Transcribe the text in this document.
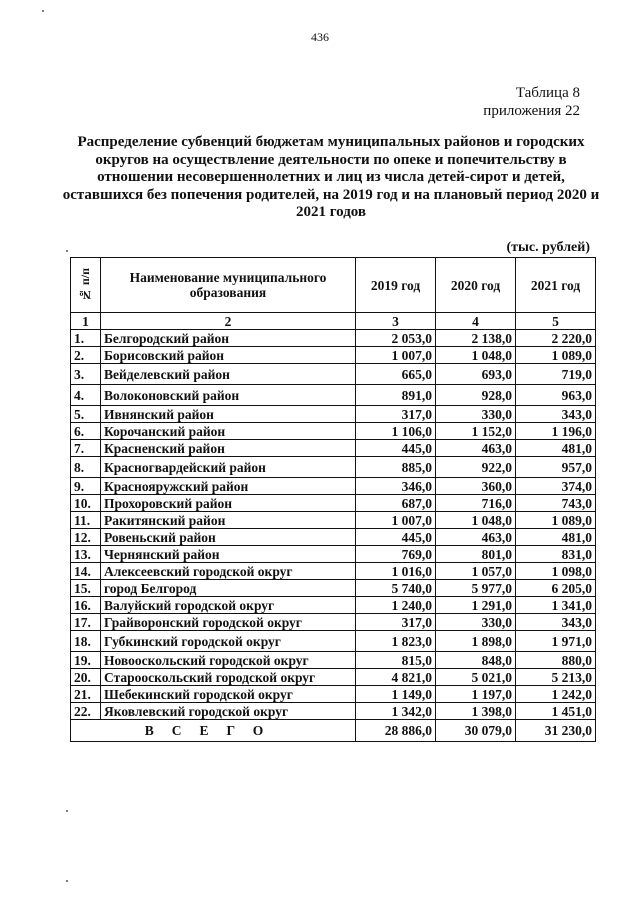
436
Таблица 8
приложения 22
Распределение субвенций бюджетам муниципальных районов и городских округов на осуществление деятельности по опеке и попечительству в отношении несовершеннолетних и лиц из числа детей-сирот и детей, оставшихся без попечения родителей, на 2019 год и на плановый период 2020 и 2021 годов
(тыс. рублей)
№ п/п	Наименование муниципального образования	2019 год	2020 год	2021 год
1	2	3	4	5
1.	Белгородский район	2 053,0	2 138,0	2 220,0
2.	Борисовский район	1 007,0	1 048,0	1 089,0
3.	Вейделевский район	665,0	693,0	719,0
4.	Волоконовский район	891,0	928,0	963,0
5.	Ивнянский район	317,0	330,0	343,0
6.	Корочанский район	1 106,0	1 152,0	1 196,0
7.	Красненский район	445,0	463,0	481,0
8.	Красногвардейский район	885,0	922,0	957,0
9.	Краснояружский район	346,0	360,0	374,0
10.	Прохоровский район	687,0	716,0	743,0
11.	Ракитянский район	1 007,0	1 048,0	1 089,0
12.	Ровеньский район	445,0	463,0	481,0
13.	Чернянский район	769,0	801,0	831,0
14.	Алексеевский городской округ	1 016,0	1 057,0	1 098,0
15.	город Белгород	5 740,0	5 977,0	6 205,0
16.	Валуйский городской округ	1 240,0	1 291,0	1 341,0
17.	Грайворонский городской округ	317,0	330,0	343,0
18.	Губкинский городской округ	1 823,0	1 898,0	1 971,0
19.	Новооскольский городской округ	815,0	848,0	880,0
20.	Старооскольский городской округ	4 821,0	5 021,0	5 213,0
21.	Шебекинский городской округ	1 149,0	1 197,0	1 242,0
22.	Яковлевский городской округ	1 342,0	1 398,0	1 451,0
ВСЕГО		28 886,0	30 079,0	31 230,0
